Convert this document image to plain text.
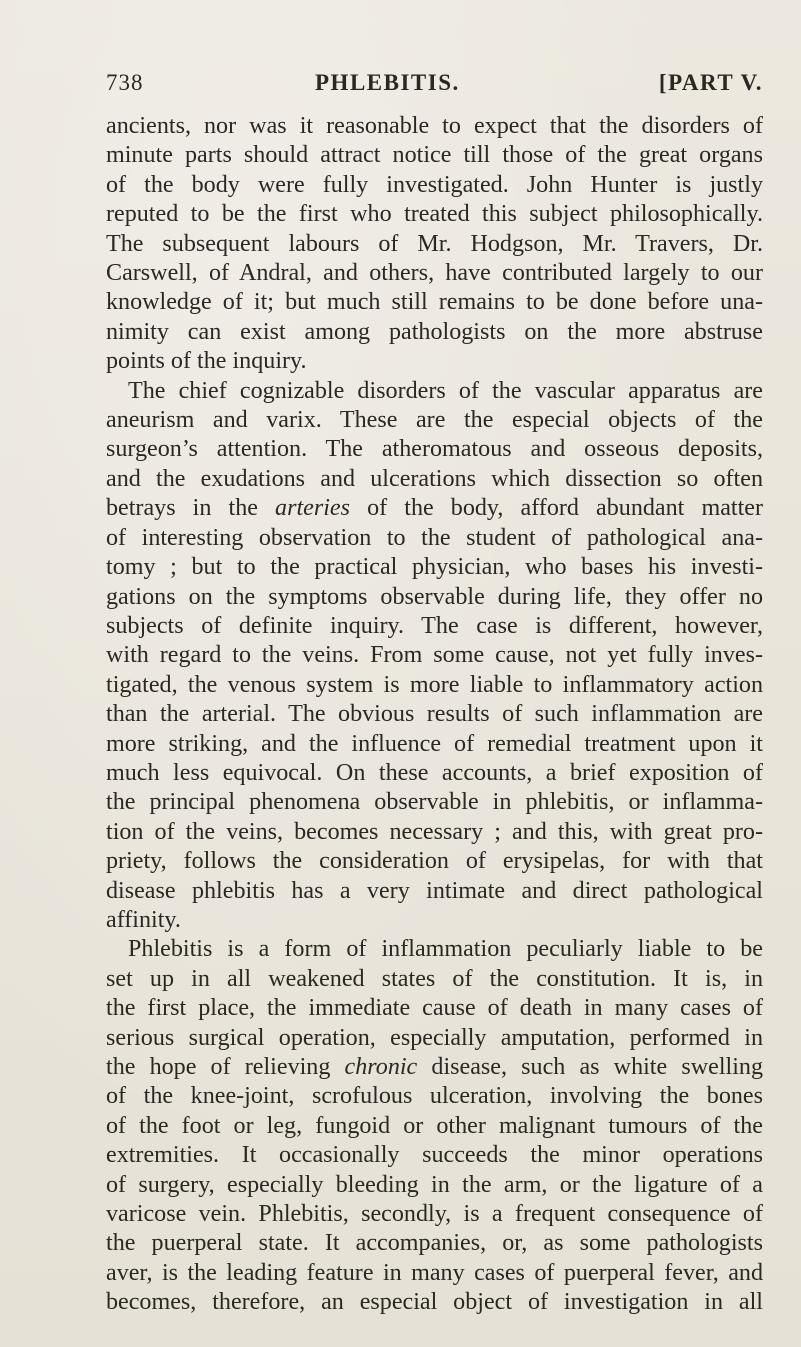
738	PHLEBITIS.	[PART V.
ancients, nor was it reasonable to expect that the disorders of
minute parts should attract notice till those of the great organs
of the body were fully investigated. John Hunter is justly
reputed to be the first who treated this subject philosophically.
The subsequent labours of Mr. Hodgson, Mr. Travers, Dr.
Carswell, of Andral, and others, have contributed largely to our
knowledge of it; but much still remains to be done before una-
nimity can exist among pathologists on the more abstruse
points of the inquiry.
The chief cognizable disorders of the vascular apparatus are
aneurism and varix. These are the especial objects of the
surgeon’s attention. The atheromatous and osseous deposits,
and the exudations and ulcerations which dissection so often
betrays in the arteries of the body, afford abundant matter
of interesting observation to the student of pathological ana-
tomy ; but to the practical physician, who bases his investi-
gations on the symptoms observable during life, they offer no
subjects of definite inquiry. The case is different, however,
with regard to the veins. From some cause, not yet fully inves-
tigated, the venous system is more liable to inflammatory action
than the arterial. The obvious results of such inflammation are
more striking, and the influence of remedial treatment upon it
much less equivocal. On these accounts, a brief exposition of
the principal phenomena observable in phlebitis, or inflamma-
tion of the veins, becomes necessary ; and this, with great pro-
priety, follows the consideration of erysipelas, for with that
disease phlebitis has a very intimate and direct pathological
affinity.
Phlebitis is a form of inflammation peculiarly liable to be
set up in all weakened states of the constitution. It is, in
the first place, the immediate cause of death in many cases of
serious surgical operation, especially amputation, performed in
the hope of relieving chronic disease, such as white swelling
of the knee-joint, scrofulous ulceration, involving the bones
of the foot or leg, fungoid or other malignant tumours of the
extremities. It occasionally succeeds the minor operations
of surgery, especially bleeding in the arm, or the ligature of a
varicose vein. Phlebitis, secondly, is a frequent consequence of
the puerperal state. It accompanies, or, as some pathologists
aver, is the leading feature in many cases of puerperal fever, and
becomes, therefore, an especial object of investigation in all
